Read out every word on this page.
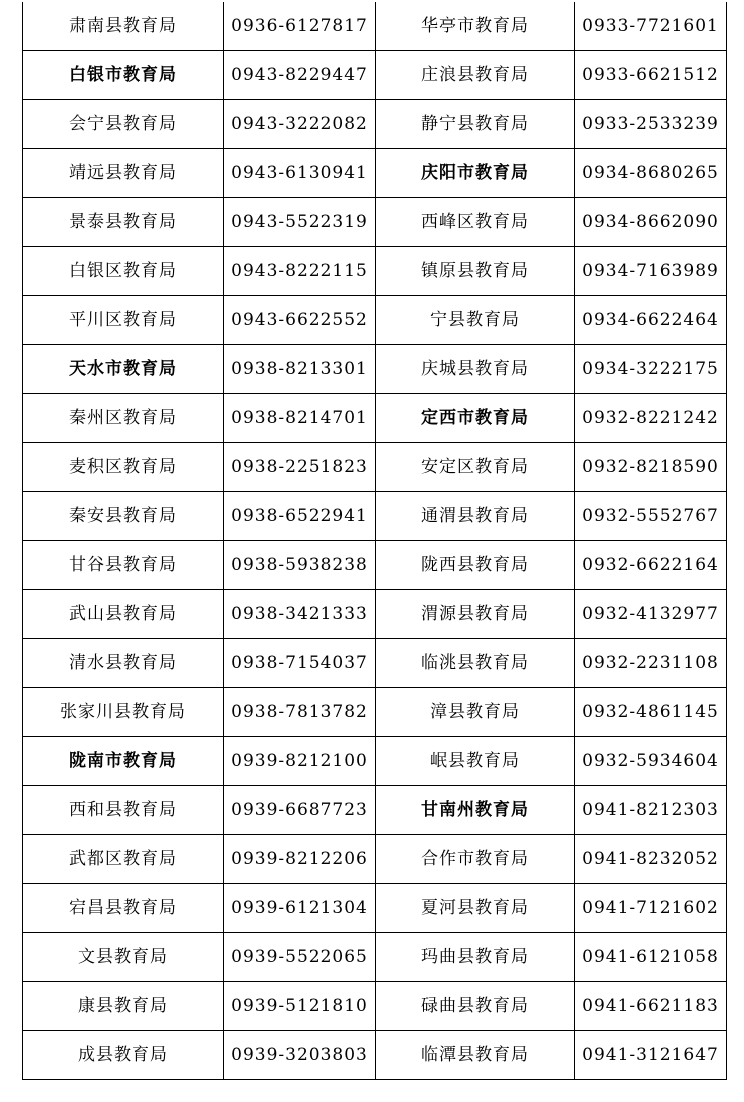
肃南县教育局	0936-6127817	华亭市教育局	0933-7721601
白银市教育局	0943-8229447	庄浪县教育局	0933-6621512
会宁县教育局	0943-3222082	静宁县教育局	0933-2533239
靖远县教育局	0943-6130941	庆阳市教育局	0934-8680265
景泰县教育局	0943-5522319	西峰区教育局	0934-8662090
白银区教育局	0943-8222115	镇原县教育局	0934-7163989
平川区教育局	0943-6622552	宁县教育局	0934-6622464
天水市教育局	0938-8213301	庆城县教育局	0934-3222175
秦州区教育局	0938-8214701	定西市教育局	0932-8221242
麦积区教育局	0938-2251823	安定区教育局	0932-8218590
秦安县教育局	0938-6522941	通渭县教育局	0932-5552767
甘谷县教育局	0938-5938238	陇西县教育局	0932-6622164
武山县教育局	0938-3421333	渭源县教育局	0932-4132977
清水县教育局	0938-7154037	临洮县教育局	0932-2231108
张家川县教育局	0938-7813782	漳县教育局	0932-4861145
陇南市教育局	0939-8212100	岷县教育局	0932-5934604
西和县教育局	0939-6687723	甘南州教育局	0941-8212303
武都区教育局	0939-8212206	合作市教育局	0941-8232052
宕昌县教育局	0939-6121304	夏河县教育局	0941-7121602
文县教育局	0939-5522065	玛曲县教育局	0941-6121058
康县教育局	0939-5121810	碌曲县教育局	0941-6621183
成县教育局	0939-3203803	临潭县教育局	0941-3121647
